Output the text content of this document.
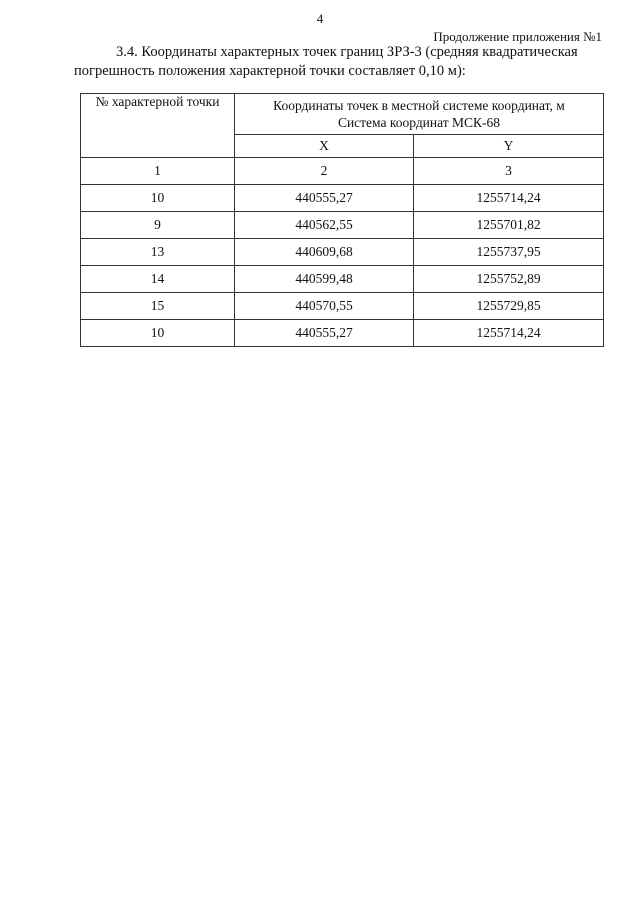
4
Продолжение приложения №1

3.4. Координаты характерных точек границ ЗРЗ-3 (средняя квадратическая
погрешность положения характерной точки составляет 0,10 м):

№ характерной точки	Координаты точек в местной системе координат, м
Система координат МСК-68	
	X	Y
1	2	3
10	440555,27	1255714,24
9	440562,55	1255701,82
13	440609,68	1255737,95
14	440599,48	1255752,89
15	440570,55	1255729,85
10	440555,27	1255714,24
